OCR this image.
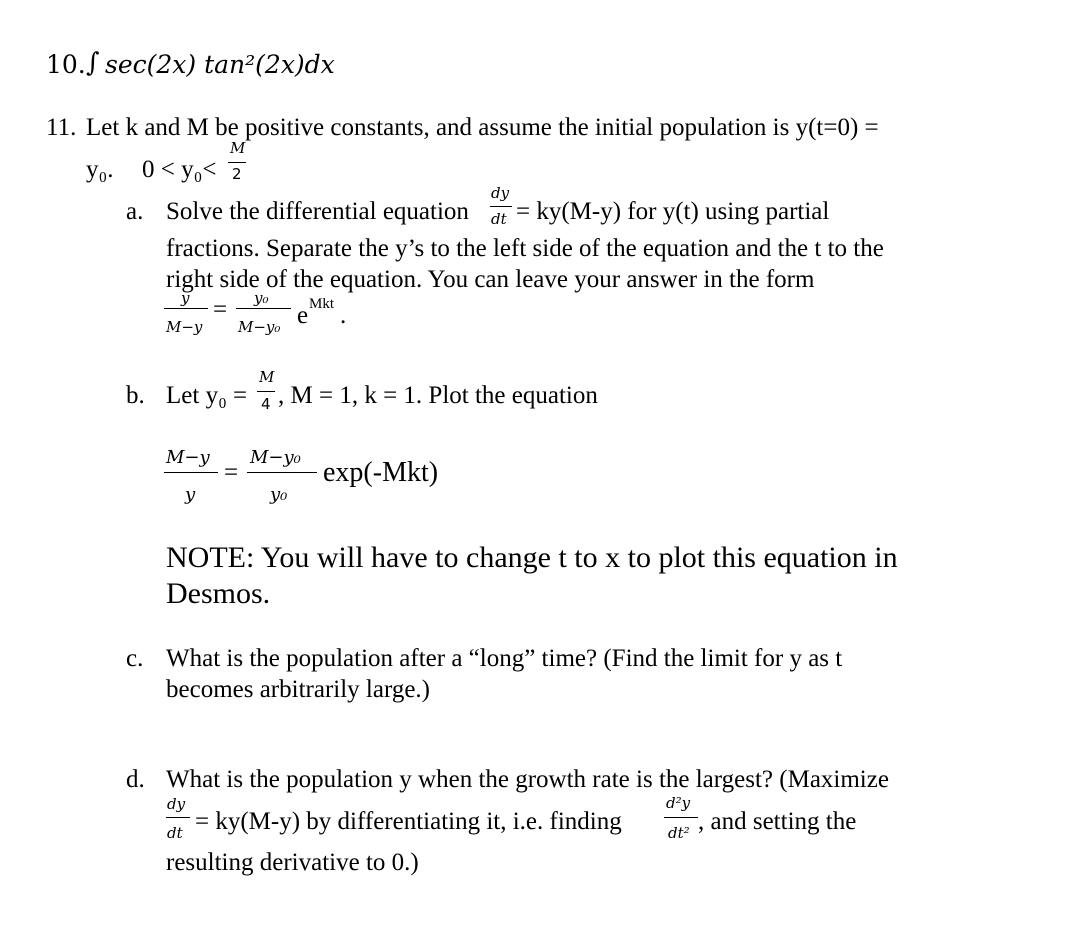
10. ∫ sec(2x) tan²(2x)dx
11. Let k and M be positive constants, and assume the initial population is y(t=0) =
y₀. 0 < y₀<
M
2
a. Solve the differential equation
dy
dt = ky(M-y) for y(t) using partial
fractions. Separate the y’s to the left side of the equation and the t to the
right side of the equation. You can leave your answer in the form
y
M−y
= y₀
M−y₀ e Mkt .
b. Let y₀ =
M
4 , M = 1, k = 1. Plot the equation
M−y
y
=
M−y₀
y₀
exp(-Mkt)
NOTE: You will have to change t to x to plot this equation in
Desmos.
c. What is the population after a “long” time? (Find the limit for y as t
becomes arbitrarily large.)
d. What is the population y when the growth rate is the largest? (Maximize
dy
dt = ky(M-y) by differentiating it, i.e. finding
d²y
dt² , and setting the
resulting derivative to 0.)
